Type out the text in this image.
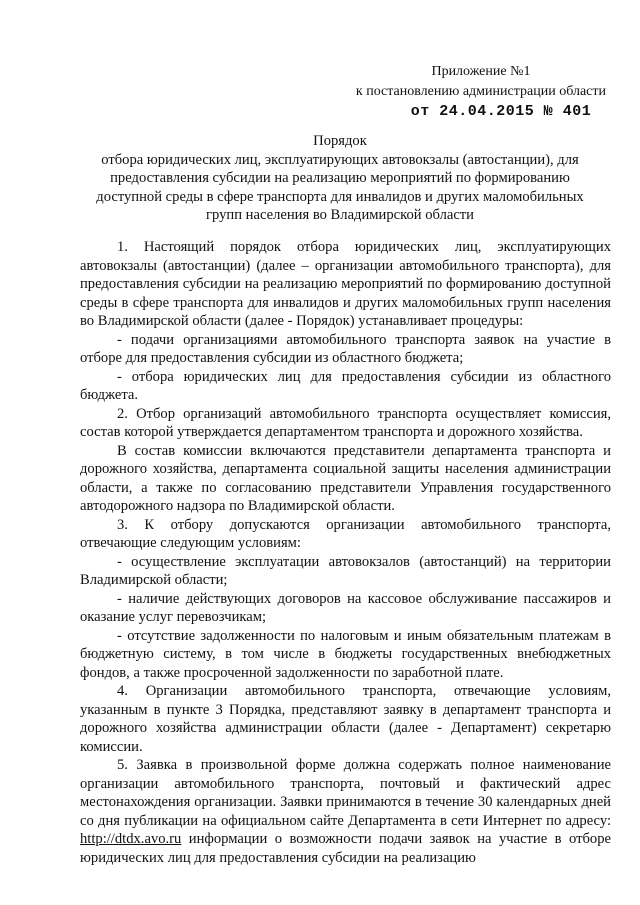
Приложение №1
к постановлению администрации области
от 24.04.2015 № 401
Порядок
отбора юридических лиц, эксплуатирующих автовокзалы (автостанции), для
предоставления субсидии на реализацию мероприятий по формированию
доступной среды в сфере транспорта для инвалидов и других маломобильных
групп населения во Владимирской области

1. Настоящий порядок отбора юридических лиц, эксплуатирующих автовокзалы (автостанции) (далее – организации автомобильного транспорта), для предоставления субсидии на реализацию мероприятий по формированию доступной среды в сфере транспорта для инвалидов и других маломобильных групп населения во Владимирской области (далее - Порядок) устанавливает процедуры:

- подачи организациями автомобильного транспорта заявок на участие в отборе для предоставления субсидии из областного бюджета;

- отбора юридических лиц для предоставления субсидии из областного бюджета.

2. Отбор организаций автомобильного транспорта осуществляет комиссия, состав которой утверждается департаментом транспорта и дорожного хозяйства.

В состав комиссии включаются представители департамента транспорта и дорожного хозяйства, департамента социальной защиты населения администрации области, а также по согласованию представители Управления государственного автодорожного надзора по Владимирской области.

3. К отбору допускаются организации автомобильного транспорта, отвечающие следующим условиям:

- осуществление эксплуатации автовокзалов (автостанций) на территории Владимирской области;

- наличие действующих договоров на кассовое обслуживание пассажиров и оказание услуг перевозчикам;

- отсутствие задолженности по налоговым и иным обязательным платежам в бюджетную систему, в том числе в бюджеты государственных внебюджетных фондов, а также просроченной задолженности по заработной плате.

4. Организации автомобильного транспорта, отвечающие условиям, указанным в пункте 3 Порядка, представляют заявку в департамент транспорта и дорожного хозяйства администрации области (далее - Департамент) секретарю комиссии.

5. Заявка в произвольной форме должна содержать полное наименование организации автомобильного транспорта, почтовый и фактический адрес местонахождения организации. Заявки принимаются в течение 30 календарных дней со дня публикации на официальном сайте Департамента в сети Интернет по адресу: http://dtdx.avo.ru информации о возможности подачи заявок на участие в отборе юридических лиц для предоставления субсидии на реализацию
